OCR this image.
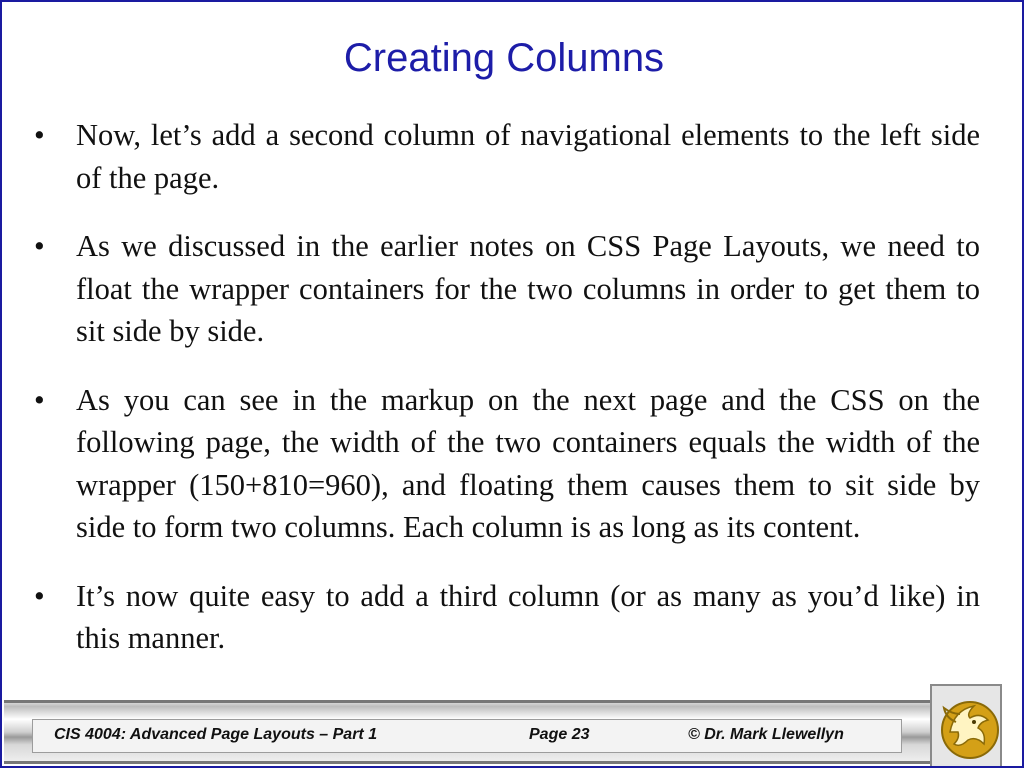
Creating Columns
•	Now, let’s add a second column of navigational elements to the left side of the page.
•	As we discussed in the earlier notes on CSS Page Layouts, we need to float the wrapper containers for the two columns in order to get them to sit side by side.
•	As you can see in the markup on the next page and the CSS on the following page, the width of the two containers equals the width of the wrapper (150+810=960), and floating them causes them to sit side by side to form two columns. Each column is as long as its content.
•	It’s now quite easy to add a third column (or as many as you’d like) in this manner.
CIS 4004: Advanced Page Layouts – Part 1	Page 23	© Dr. Mark Llewellyn
